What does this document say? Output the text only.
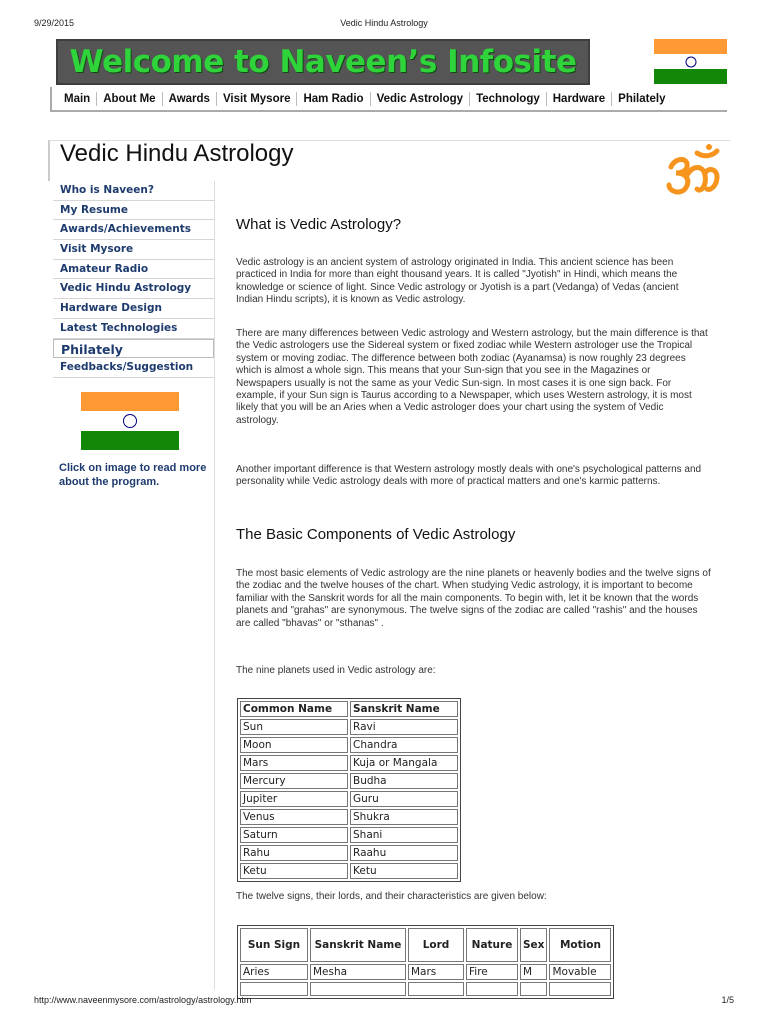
9/29/2015	Vedic Hindu Astrology
Welcome to Naveen’s Infosite
Main	About Me	Awards	Visit Mysore	Ham Radio	Vedic Astrology	Technology	Hardware	Philately
Vedic Hindu Astrology
Who is Naveen?
My Resume
Awards/Achievements
Visit Mysore
Amateur Radio
Vedic Hindu Astrology
Hardware Design
Latest Technologies
Philately
Feedbacks/Suggestion
Click on image to read more about the program.
What is Vedic Astrology?

Vedic astrology is an ancient system of astrology originated in India. This ancient science has been practiced in India for more than eight thousand years. It is called "Jyotish" in Hindi, which means the knowledge or science of light. Since Vedic astrology or Jyotish is a part (Vedanga) of Vedas (ancient Indian Hindu scripts), it is known as Vedic astrology.

There are many differences between Vedic astrology and Western astrology, but the main difference is that the Vedic astrologers use the Sidereal system or fixed zodiac while Western astrologer use the Tropical system or moving zodiac. The difference between both zodiac (Ayanamsa) is now roughly 23 degrees which is almost a whole sign. This means that your Sun-sign that you see in the Magazines or Newspapers usually is not the same as your Vedic Sun-sign. In most cases it is one sign back. For example, if your Sun sign is Taurus according to a Newspaper, which uses Western astrology, it is most likely that you will be an Aries when a Vedic astrologer does your chart using the system of Vedic astrology.

Another important difference is that Western astrology mostly deals with one's psychological patterns and personality while Vedic astrology deals with more of practical matters and one's karmic patterns.

The Basic Components of Vedic Astrology

The most basic elements of Vedic astrology are the nine planets or heavenly bodies and the twelve signs of the zodiac and the twelve houses of the chart. When studying Vedic astrology, it is important to become familiar with the Sanskrit words for all the main components. To begin with, let it be known that the words planets and "grahas" are synonymous. The twelve signs of the zodiac are called "rashis" and the houses are called "bhavas" or "sthanas" .

The nine planets used in Vedic astrology are:

The twelve signs, their lords, and their characteristics are given below:

Common Name	Sanskrit Name
Sun	Ravi
Moon	Chandra
Mars	Kuja or Mangala
Mercury	Budha
Jupiter	Guru
Venus	Shukra
Saturn	Shani
Rahu	Raahu
Ketu	Ketu
Sun Sign	Sanskrit Name	Lord	Nature	Sex	Motion
Aries	Mesha	Mars	Fire	M	Movable

http://www.naveenmysore.com/astrology/astrology.htm	1/5
